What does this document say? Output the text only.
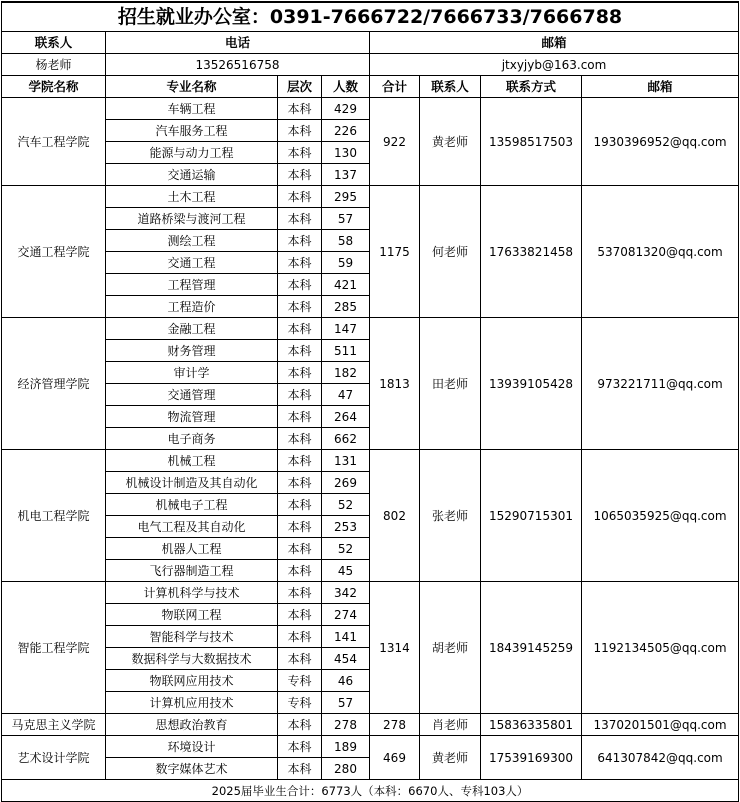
招生就业办公室：0391-7666722/7666733/7666788							
联系人	电话			邮箱			
杨老师	13526516758			jtxyjyb@163.com			
学院名称	专业名称	层次	人数	合计	联系人	联系方式	邮箱
汽车工程学院	车辆工程	本科	429	922	黄老师	13598517503	1930396952@qq.com
	汽车服务工程	本科	226				
	能源与动力工程	本科	130				
	交通运输	本科	137				
交通工程学院	土木工程	本科	295	1175	何老师	17633821458	537081320@qq.com
	道路桥梁与渡河工程	本科	57				
	测绘工程	本科	58				
	交通工程	本科	59				
	工程管理	本科	421				
	工程造价	本科	285				
经济管理学院	金融工程	本科	147	1813	田老师	13939105428	973221711@qq.com
	财务管理	本科	511				
	审计学	本科	182				
	交通管理	本科	47				
	物流管理	本科	264				
	电子商务	本科	662				
机电工程学院	机械工程	本科	131	802	张老师	15290715301	1065035925@qq.com
	机械设计制造及其自动化	本科	269				
	机械电子工程	本科	52				
	电气工程及其自动化	本科	253				
	机器人工程	本科	52				
	飞行器制造工程	本科	45				
智能工程学院	计算机科学与技术	本科	342	1314	胡老师	18439145259	1192134505@qq.com
	物联网工程	本科	274				
	智能科学与技术	本科	141				
	数据科学与大数据技术	本科	454				
	物联网应用技术	专科	46				
	计算机应用技术	专科	57				
马克思主义学院	思想政治教育	本科	278	278	肖老师	15836335801	1370201501@qq.com
艺术设计学院	环境设计	本科	189	469	黄老师	17539169300	641307842@qq.com
	数字媒体艺术	本科	280				
2025届毕业生合计：6773人（本科：6670人、专科103人）							
